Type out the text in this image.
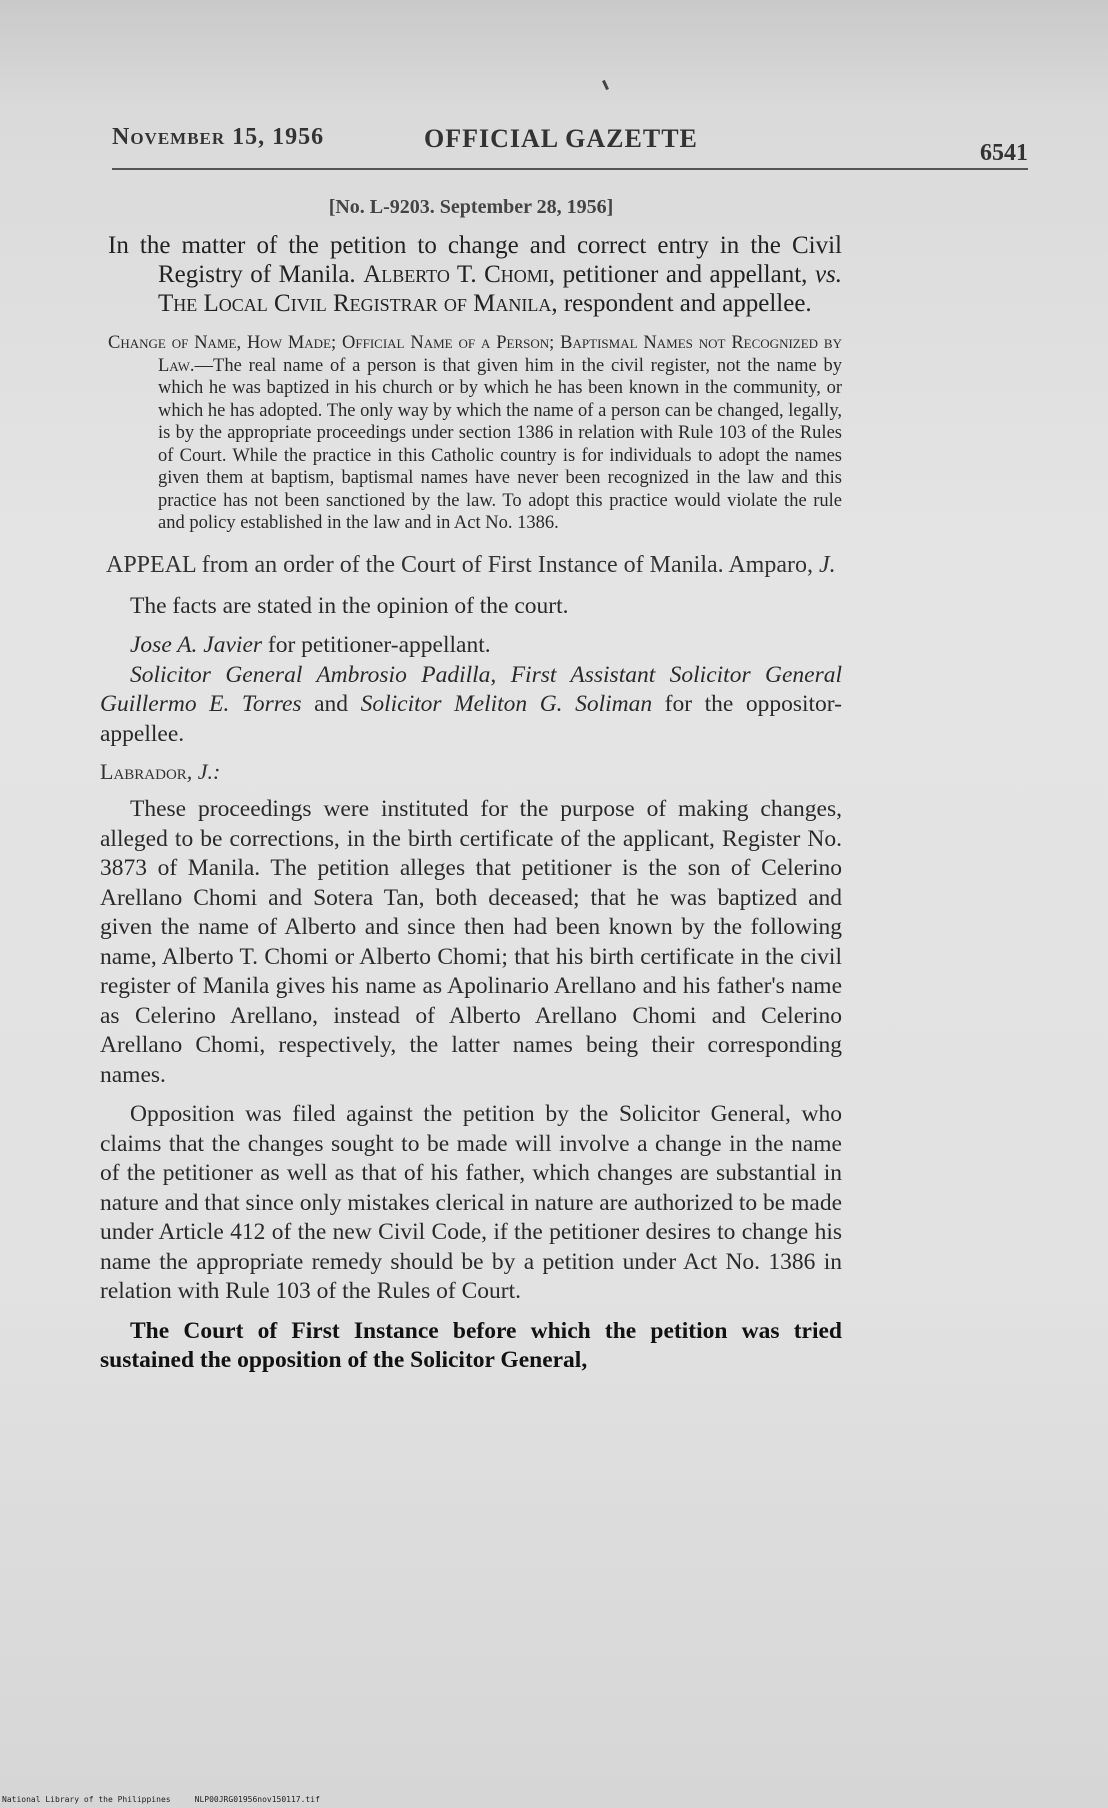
November 15, 1956	OFFICIAL GAZETTE	6541

[No. L-9203. September 28, 1956]

In the matter of the petition to change and correct entry in the Civil Registry of Manila. Alberto T. Chomi, petitioner and appellant, vs. The Local Civil Registrar of Manila, respondent and appellee.

Change of Name, How Made; Official Name of a Person; Baptismal Names not Recognized by Law.—The real name of a person is that given him in the civil register, not the name by which he was baptized in his church or by which he has been known in the community, or which he has adopted. The only way by which the name of a person can be changed, legally, is by the appropriate proceedings under section 1386 in relation with Rule 103 of the Rules of Court. While the practice in this Catholic country is for individuals to adopt the names given them at baptism, baptismal names have never been recognized in the law and this practice has not been sanctioned by the law. To adopt this practice would violate the rule and policy established in the law and in Act No. 1386.

APPEAL from an order of the Court of First Instance of Manila. Amparo, J.

The facts are stated in the opinion of the court.

Jose A. Javier for petitioner-appellant.

Solicitor General Ambrosio Padilla, First Assistant Solicitor General Guillermo E. Torres and Solicitor Meliton G. Soliman for the oppositor-appellee.

Labrador, J.:

These proceedings were instituted for the purpose of making changes, alleged to be corrections, in the birth certificate of the applicant, Register No. 3873 of Manila. The petition alleges that petitioner is the son of Celerino Arellano Chomi and Sotera Tan, both deceased; that he was baptized and given the name of Alberto and since then had been known by the following name, Alberto T. Chomi or Alberto Chomi; that his birth certificate in the civil register of Manila gives his name as Apolinario Arellano and his father's name as Celerino Arellano, instead of Alberto Arellano Chomi and Celerino Arellano Chomi, respectively, the latter names being their corresponding names.

Opposition was filed against the petition by the Solicitor General, who claims that the changes sought to be made will involve a change in the name of the petitioner as well as that of his father, which changes are substantial in nature and that since only mistakes clerical in nature are authorized to be made under Article 412 of the new Civil Code, if the petitioner desires to change his name the appropriate remedy should be by a petition under Act No. 1386 in relation with Rule 103 of the Rules of Court.

The Court of First Instance before which the petition was tried sustained the opposition of the Solicitor General,

National Library of the Philippines     NLP00JRG01956nov150117.tif
